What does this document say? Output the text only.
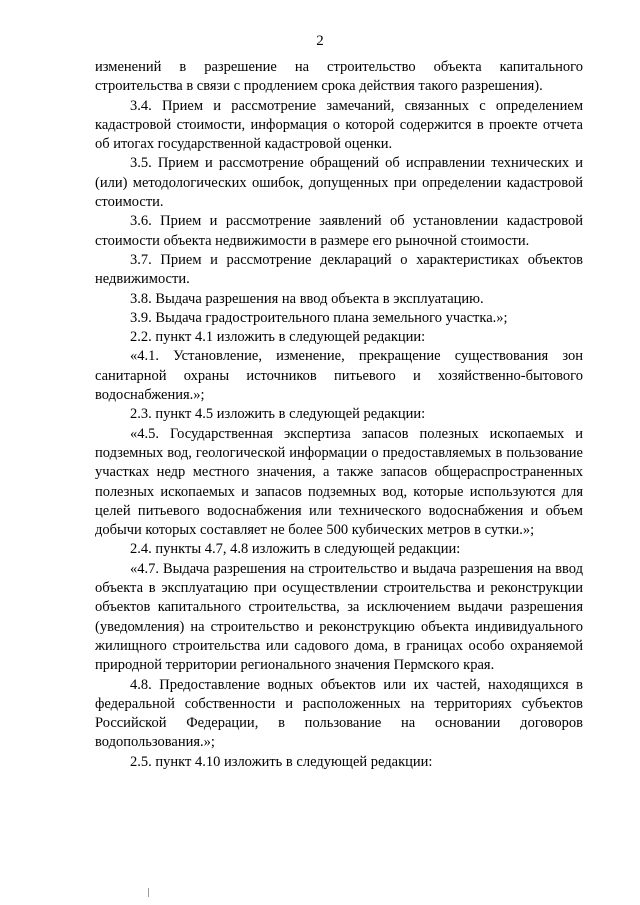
2

изменений в разрешение на строительство объекта капитального строительства в связи с продлением срока действия такого разрешения).

3.4. Прием и рассмотрение замечаний, связанных с определением кадастровой стоимости, информация о которой содержится в проекте отчета об итогах государственной кадастровой оценки.

3.5. Прием и рассмотрение обращений об исправлении технических и (или) методологических ошибок, допущенных при определении кадастровой стоимости.

3.6. Прием и рассмотрение заявлений об установлении кадастровой стоимости объекта недвижимости в размере его рыночной стоимости.

3.7. Прием и рассмотрение деклараций о характеристиках объектов недвижимости.

3.8. Выдача разрешения на ввод объекта в эксплуатацию.

3.9. Выдача градостроительного плана земельного участка.»;

2.2. пункт 4.1 изложить в следующей редакции:

«4.1. Установление, изменение, прекращение существования зон санитарной охраны источников питьевого и хозяйственно-бытового водоснабжения.»;

2.3. пункт 4.5 изложить в следующей редакции:

«4.5. Государственная экспертиза запасов полезных ископаемых и подземных вод, геологической информации о предоставляемых в пользование участках недр местного значения, а также запасов общераспространенных полезных ископаемых и запасов подземных вод, которые используются для целей питьевого водоснабжения или технического водоснабжения и объем добычи которых составляет не более 500 кубических метров в сутки.»;

2.4. пункты 4.7, 4.8 изложить в следующей редакции:

«4.7. Выдача разрешения на строительство и выдача разрешения на ввод объекта в эксплуатацию при осуществлении строительства и реконструкции объектов капитального строительства, за исключением выдачи разрешения (уведомления) на строительство и реконструкцию объекта индивидуального жилищного строительства или садового дома, в границах особо охраняемой природной территории регионального значения Пермского края.

4.8. Предоставление водных объектов или их частей, находящихся в федеральной собственности и расположенных на территориях субъектов Российской Федерации, в пользование на основании договоров водопользования.»;

2.5. пункт 4.10 изложить в следующей редакции:
